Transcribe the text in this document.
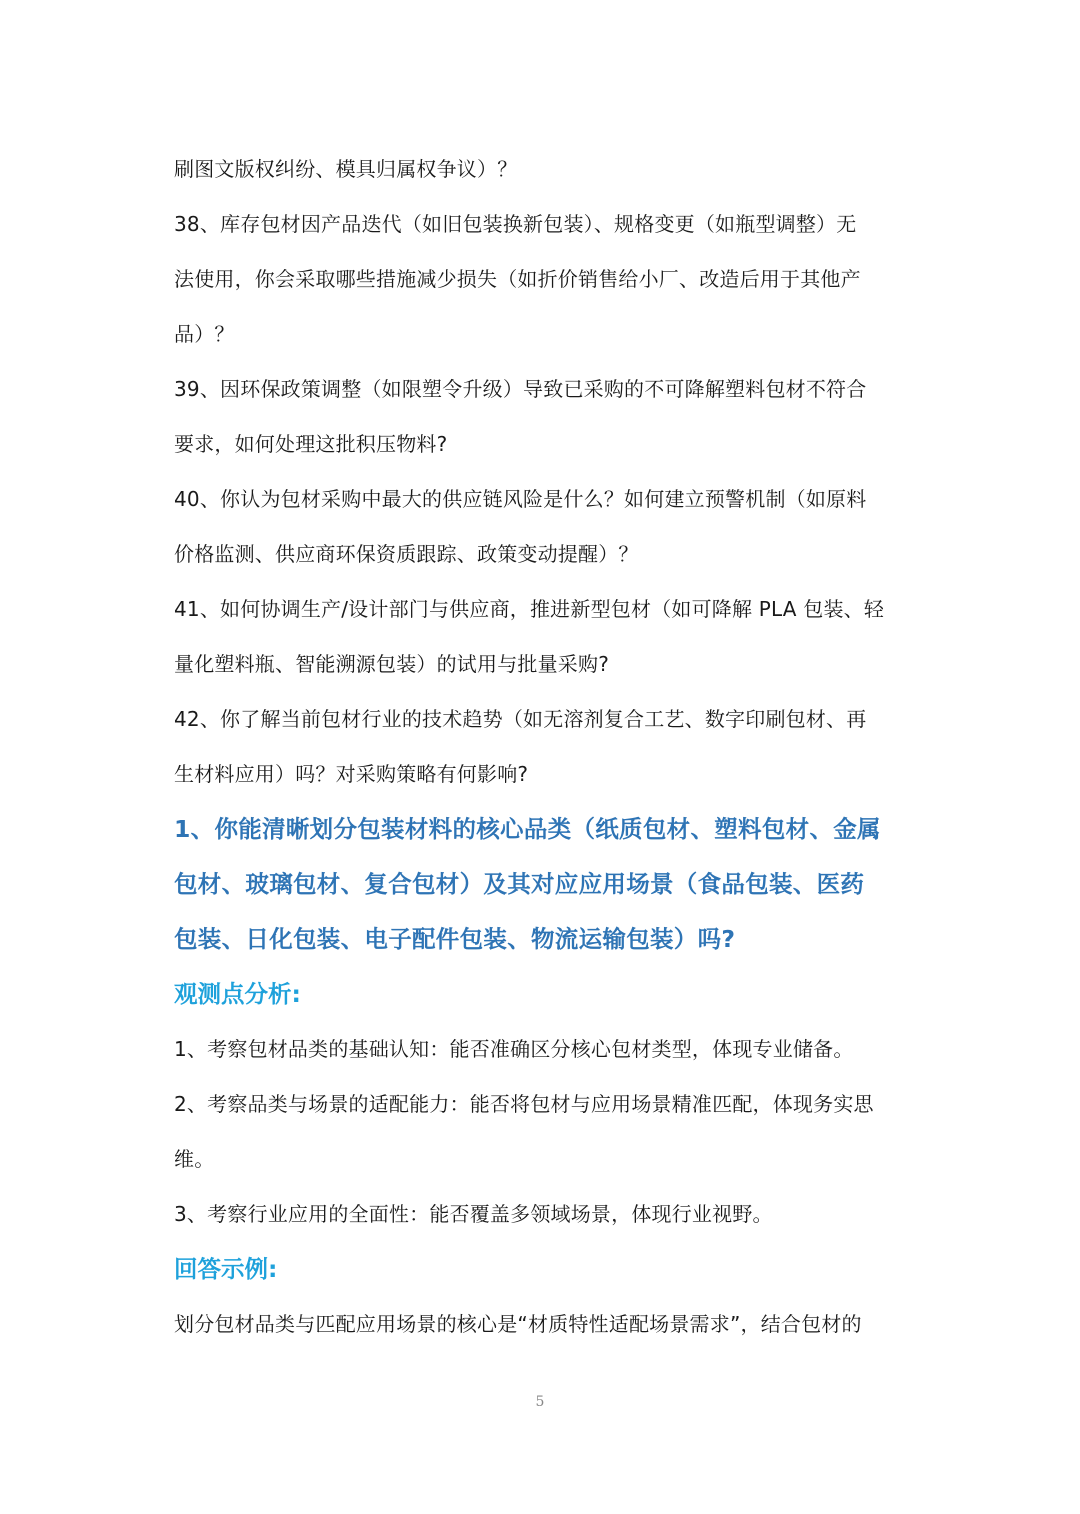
刷图文版权纠纷、模具归属权争议）？

38、库存包材因产品迭代（如旧包装换新包装）、规格变更（如瓶型调整）无
法使用，你会采取哪些措施减少损失（如折价销售给小厂、改造后用于其他产
品）？

39、因环保政策调整（如限塑令升级）导致已采购的不可降解塑料包材不符合
要求，如何处理这批积压物料?

40、你认为包材采购中最大的供应链风险是什么？如何建立预警机制（如原料
价格监测、供应商环保资质跟踪、政策变动提醒）？

41、如何协调生产/设计部门与供应商，推进新型包材（如可降解 PLA 包装、轻
量化塑料瓶、智能溯源包装）的试用与批量采购?

42、你了解当前包材行业的技术趋势（如无溶剂复合工艺、数字印刷包材、再
生材料应用）吗？对采购策略有何影响?

1、你能清晰划分包装材料的核心品类（纸质包材、塑料包材、金属
包材、玻璃包材、复合包材）及其对应应用场景（食品包装、医药
包装、日化包装、电子配件包装、物流运输包装）吗?
观测点分析:

1、考察包材品类的基础认知：能否准确区分核心包材类型，体现专业储备。

2、考察品类与场景的适配能力：能否将包材与应用场景精准匹配，体现务实思
维。

3、考察行业应用的全面性：能否覆盖多领域场景，体现行业视野。

回答示例:

划分包材品类与匹配应用场景的核心是“材质特性适配场景需求”，结合包材的

5
